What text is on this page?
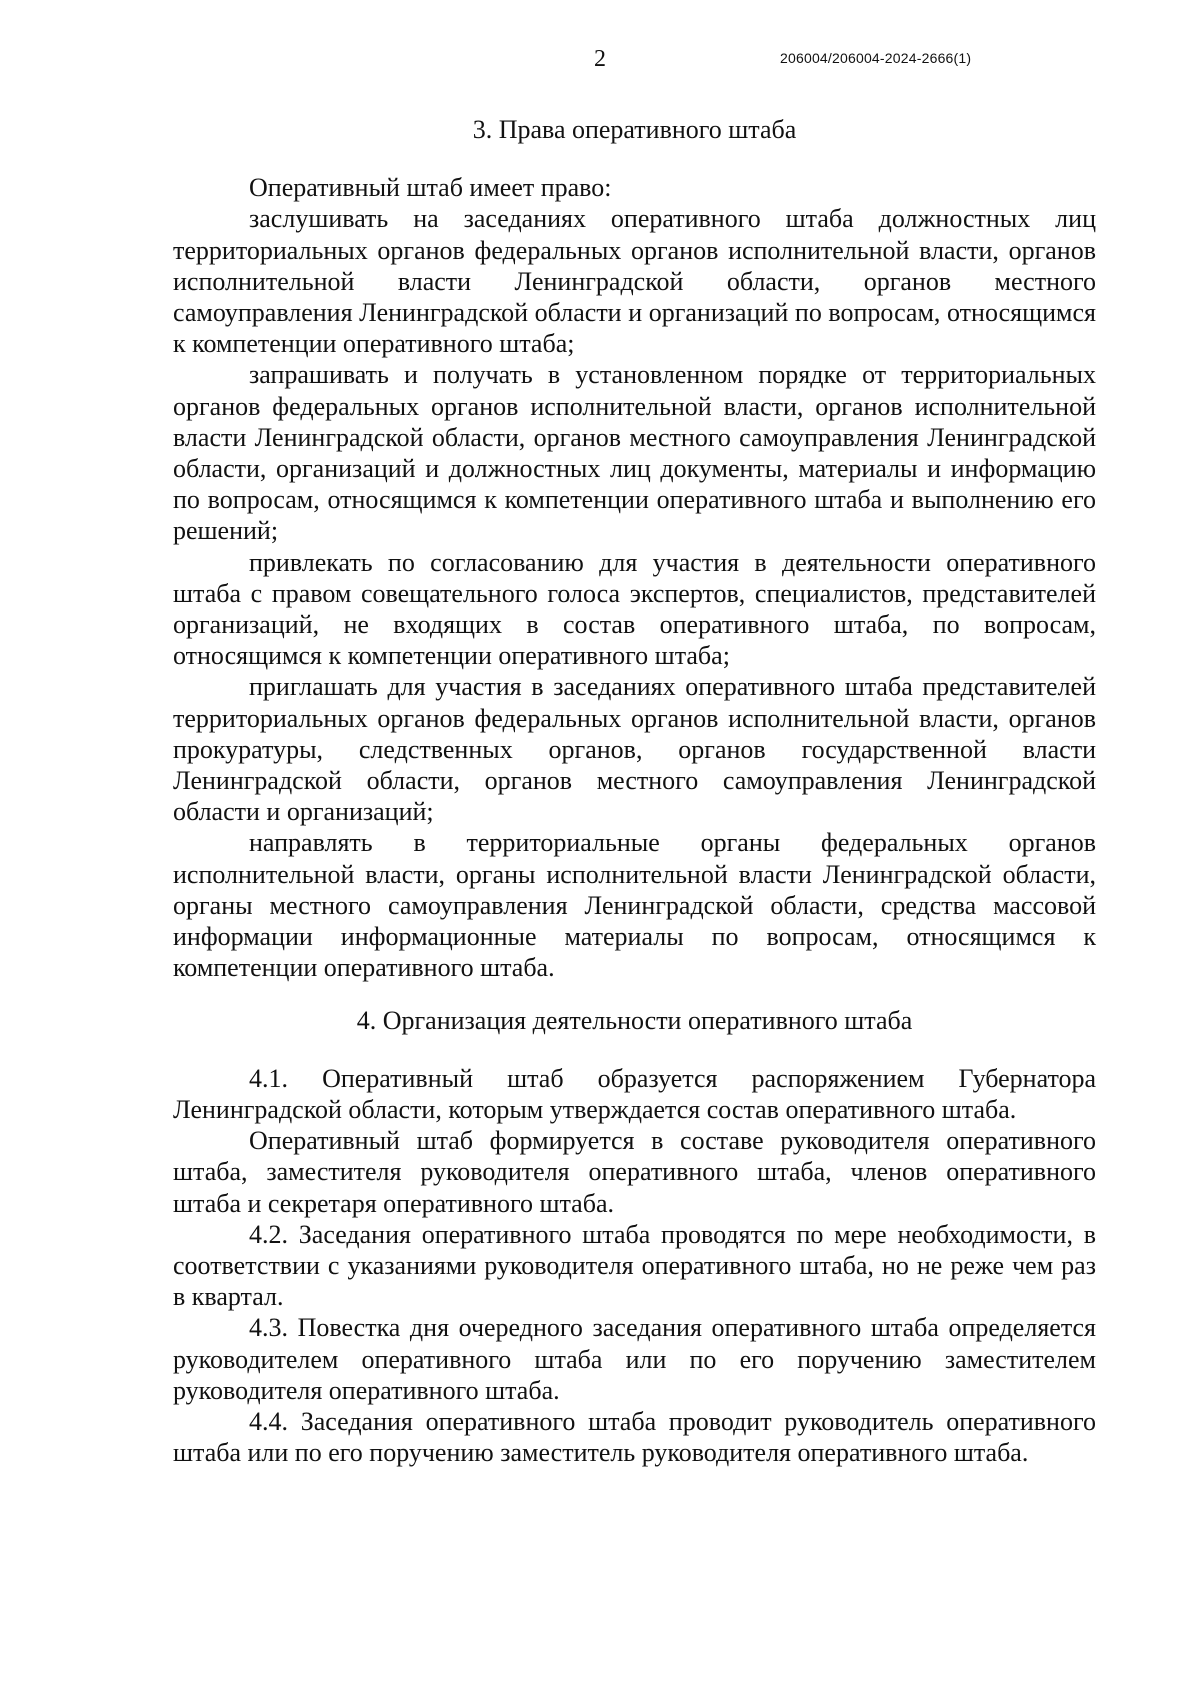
2	206004/206004-2024-2666(1)

3. Права оперативного штаба

Оперативный штаб имеет право:

заслушивать на заседаниях оперативного штаба должностных лиц территориальных органов федеральных органов исполнительной власти, органов исполнительной власти Ленинградской области, органов местного самоуправления Ленинградской области и организаций по вопросам, относящимся к компетенции оперативного штаба;

запрашивать и получать в установленном порядке от территориальных органов федеральных органов исполнительной власти, органов исполнительной власти Ленинградской области, органов местного самоуправления Ленинградской области, организаций и должностных лиц документы, материалы и информацию по вопросам, относящимся к компетенции оперативного штаба и выполнению его решений;

привлекать по согласованию для участия в деятельности оперативного штаба с правом совещательного голоса экспертов, специалистов, представителей организаций, не входящих в состав оперативного штаба, по вопросам, относящимся к компетенции оперативного штаба;

приглашать для участия в заседаниях оперативного штаба представителей территориальных органов федеральных органов исполнительной власти, органов прокуратуры, следственных органов, органов государственной власти Ленинградской области, органов местного самоуправления Ленинградской области и организаций;

направлять в территориальные органы федеральных органов исполнительной власти, органы исполнительной власти Ленинградской области, органы местного самоуправления Ленинградской области, средства массовой информации информационные материалы по вопросам, относящимся к компетенции оперативного штаба.

4. Организация деятельности оперативного штаба

4.1. Оперативный штаб образуется распоряжением Губернатора Ленинградской области, которым утверждается состав оперативного штаба.

Оперативный штаб формируется в составе руководителя оперативного штаба, заместителя руководителя оперативного штаба, членов оперативного штаба и секретаря оперативного штаба.

4.2. Заседания оперативного штаба проводятся по мере необходимости, в соответствии с указаниями руководителя оперативного штаба, но не реже чем раз в квартал.

4.3. Повестка дня очередного заседания оперативного штаба определяется руководителем оперативного штаба или по его поручению заместителем руководителя оперативного штаба.

4.4. Заседания оперативного штаба проводит руководитель оперативного штаба или по его поручению заместитель руководителя оперативного штаба.
